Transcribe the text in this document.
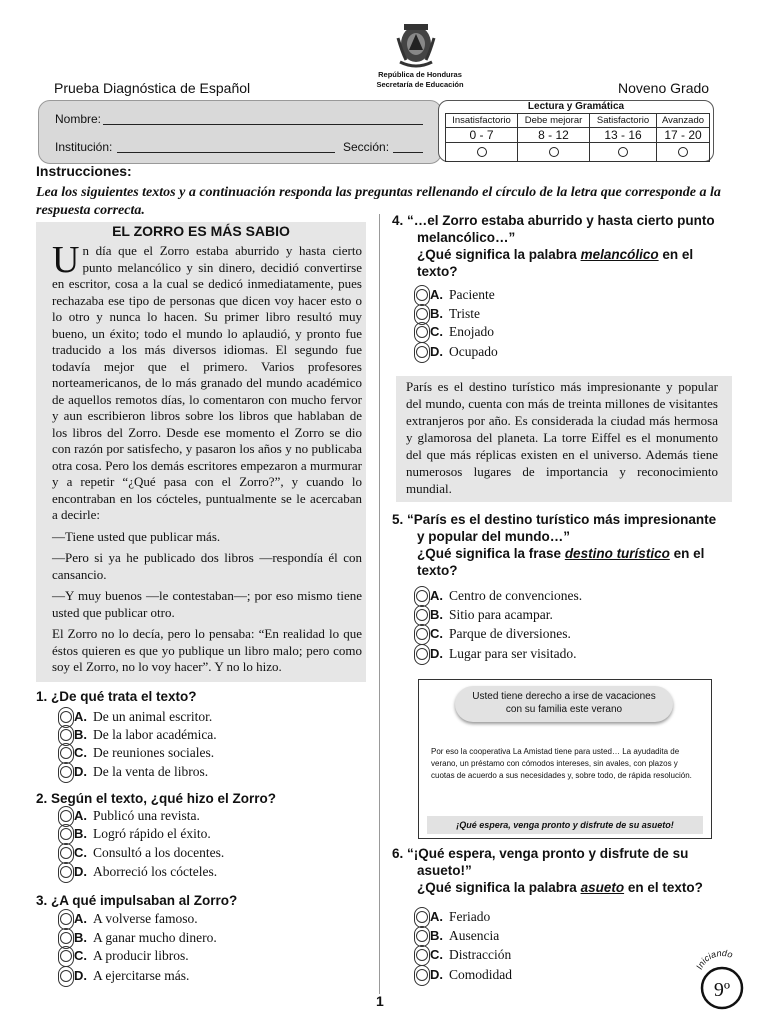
República de Honduras
Secretaría de Educación
Prueba Diagnóstica de Español	Noveno Grado
Nombre:
Institución:	Sección:
Lectura y Gramática
Insatisfactorio	Debe mejorar	Satisfactorio	Avanzado
0 - 7	8 - 12	13 - 16	17 - 20

Instrucciones:
Lea los siguientes textos y a continuación responda las preguntas rellenando el círculo de la letra que corresponde a la respuesta correcta.
EL ZORRO ES MÁS SABIO

Un día que el Zorro estaba aburrido y hasta cierto punto melancólico y sin dinero, decidió convertirse en escritor, cosa a la cual se dedicó inmediatamente, pues rechazaba ese tipo de personas que dicen voy hacer esto o lo otro y nunca lo hacen. Su primer libro resultó muy bueno, un éxito; todo el mundo lo aplaudió, y pronto fue traducido a los más diversos idiomas. El segundo fue todavía mejor que el primero. Varios profesores norteamericanos, de lo más granado del mundo académico de aquellos remotos días, lo comentaron con mucho fervor y aun escribieron libros sobre los libros que hablaban de los libros del Zorro. Desde ese momento el Zorro se dio con razón por satisfecho, y pasaron los años y no publicaba otra cosa. Pero los demás escritores empezaron a murmurar y a repetir “¿Qué pasa con el Zorro?”, y cuando lo encontraban en los cócteles, puntualmente se le acercaban a decirle:

—Tiene usted que publicar más.

—Pero si ya he publicado dos libros —respondía él con cansancio.

—Y muy buenos —le contestaban—; por eso mismo tiene usted que publicar otro.

El Zorro no lo decía, pero lo pensaba: “En realidad lo que éstos quieren es que yo publique un libro malo; pero como soy el Zorro, no lo voy hacer”. Y no lo hizo.

1. ¿De qué trata el texto?
A. De un animal escritor.
B. De la labor académica.
C. De reuniones sociales.
D. De la venta de libros.
2. Según el texto, ¿qué hizo el Zorro?
A. Publicó una revista.
B. Logró rápido el éxito.
C. Consultó a los docentes.
D. Aborreció los cócteles.
3. ¿A qué impulsaban al Zorro?
A. A volverse famoso.
B. A ganar mucho dinero.
C. A producir libros.
D. A ejercitarse más.
4. “…el Zorro estaba aburrido y hasta cierto punto
melancólico…”
¿Qué significa la palabra melancólico en el
texto?
A. Paciente
B. Triste
C. Enojado
D. Ocupado
París es el destino turístico más impresionante y popular del mundo, cuenta con más de treinta millones de visitantes extranjeros por año. Es considerada la ciudad más hermosa y glamorosa del planeta. La torre Eiffel es el monumento del que más réplicas existen en el universo. Además tiene numerosos lugares de importancia y reconocimiento mundial.
5. “París es el destino turístico más impresionante
y popular del mundo…”
¿Qué significa la frase destino turístico en el
texto?
A. Centro de convenciones.
B. Sitio para acampar.
C. Parque de diversiones.
D. Lugar para ser visitado.
Usted tiene derecho a irse de vacaciones
con su familia este verano
Por eso la cooperativa La Amistad tiene para usted… La ayudadita de verano, un préstamo con cómodos intereses, sin avales, con plazos y cuotas de acuerdo a sus necesidades y, sobre todo, de rápida resolución.
¡Qué espera, venga pronto y disfrute de su asueto!
6. “¡Qué espera, venga pronto y disfrute de su
asueto!”
¿Qué significa la palabra asueto en el texto?
A. Feriado
B. Ausencia
C. Distracción
D. Comodidad
1
Iniciando
9º
